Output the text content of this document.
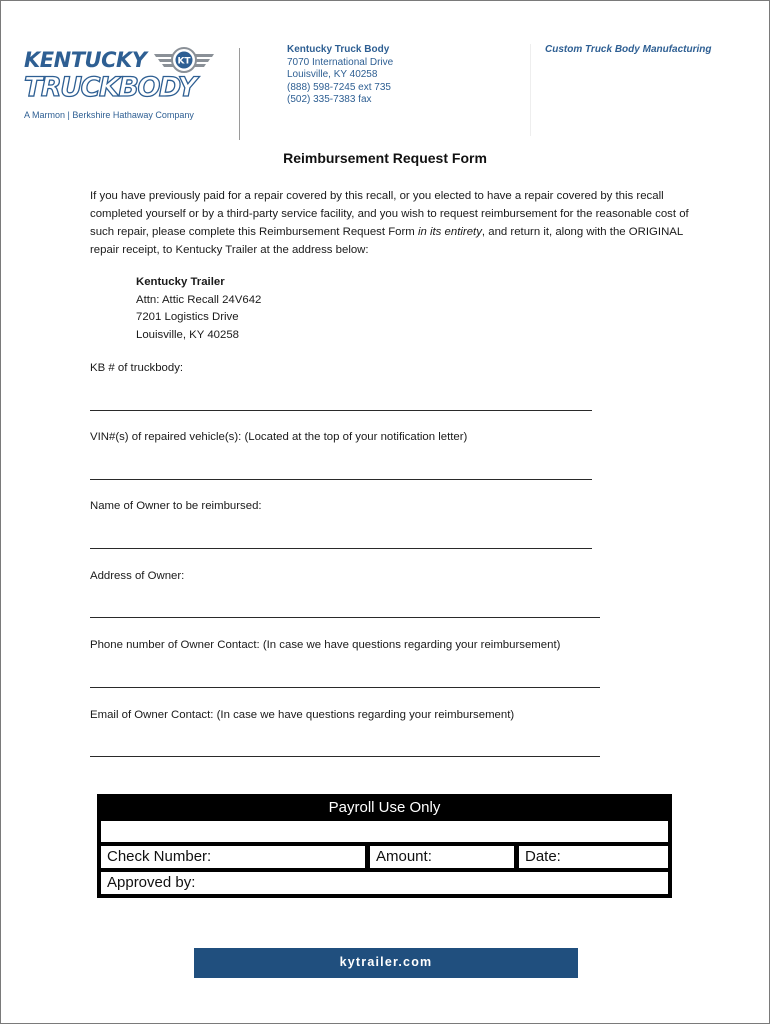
KENTUCKY	KT
TRUCKBODY
A Marmon | Berkshire Hathaway Company
Kentucky Truck Body
7070 International Drive
Louisville, KY 40258
(888) 598-7245 ext 735
(502) 335-7383 fax
Custom Truck Body Manufacturing
Reimbursement Request Form
If you have previously paid for a repair covered by this recall, or you elected to have a repair covered by this recall completed yourself or by a third-party service facility, and you wish to request reimbursement for the reasonable cost of such repair, please complete this Reimbursement Request Form in its entirety, and return it, along with the ORIGINAL repair receipt, to Kentucky Trailer at the address below:
Kentucky Trailer
Attn: Attic Recall 24V642
7201 Logistics Drive
Louisville, KY 40258
KB # of truckbody:
VIN#(s) of repaired vehicle(s): (Located at the top of your notification letter)
Name of Owner to be reimbursed:
Address of Owner:
Phone number of Owner Contact: (In case we have questions regarding your reimbursement)
Email of Owner Contact: (In case we have questions regarding your reimbursement)
Payroll Use Only
Check Number:	Amount:	Date:
Approved by:
kytrailer.com
